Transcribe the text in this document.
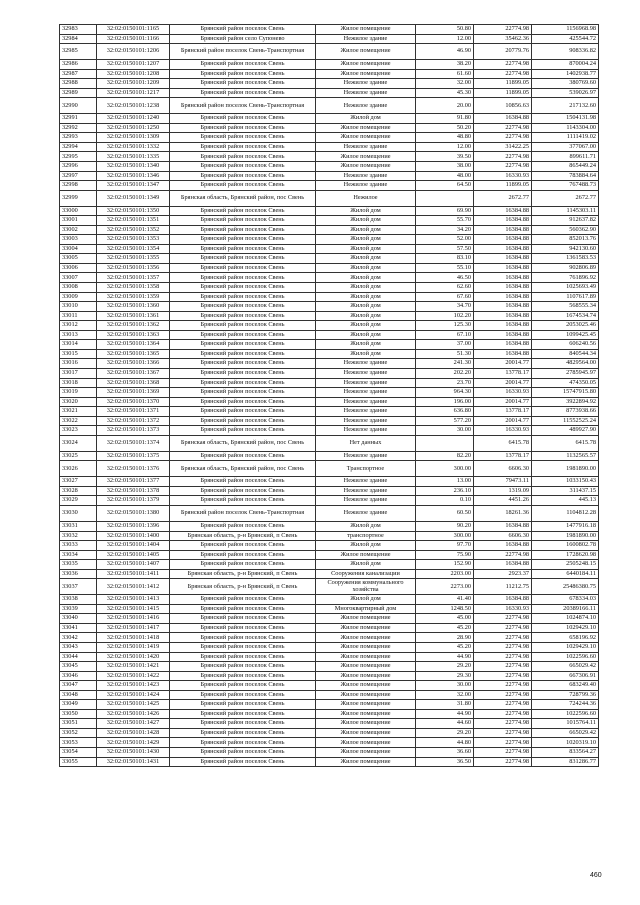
32983	32:02:0150101:1165	Брянский район поселок Свень	Жилое помещение	50.80	22774.98	1156968.98
32984	32:02:0150101:1166	Брянский район село Супонево	Нежилое здание	12.00	35462.36	425544.72
32985	32:02:0150101:1206	Брянский район поселок Свень-Транспортная	Жилое помещение	46.90	20779.76	908336.82
32986	32:02:0150101:1207	Брянский район поселок Свень	Жилое помещение	38.20	22774.98	870004.24
32987	32:02:0150101:1208	Брянский район поселок Свень	Жилое помещение	61.60	22774.98	1402938.77
32988	32:02:0150101:1209	Брянский район поселок Свень	Нежилое здание	32.00	11899.05	380769.60
32989	32:02:0150101:1217	Брянский район поселок Свень	Нежилое здание	45.30	11899.05	539026.97
32990	32:02:0150101:1238	Брянский район поселок Свень-Транспортная	Нежилое здание	20.00	10856.63	217132.60
32991	32:02:0150101:1240	Брянский район поселок Свень	Жилой дом	91.80	16384.88	1504131.98
32992	32:02:0150101:1250	Брянский район поселок Свень	Жилое помещение	50.20	22774.98	1143304.00
32993	32:02:0150101:1309	Брянский район поселок Свень	Жилое помещение	48.80	22774.98	1111419.02
32994	32:02:0150101:1332	Брянский район поселок Свень	Нежилое здание	12.00	31422.25	377067.00
32995	32:02:0150101:1335	Брянский район поселок Свень	Жилое помещение	39.50	22774.98	899611.71
32996	32:02:0150101:1340	Брянский район поселок Свень	Жилое помещение	38.00	22774.98	865449.24
32997	32:02:0150101:1346	Брянский район поселок Свень	Нежилое здание	48.00	16330.93	783884.64
32998	32:02:0150101:1347	Брянский район поселок Свень	Нежилое здание	64.50	11899.05	767488.73
32999	32:02:0150101:1349	Брянская область, Брянский район, пос Свень	Нежилое		2672.77	2672.77
33000	32:02:0150101:1350	Брянский район поселок Свень	Жилой дом	69.90	16384.88	1145303.11
33001	32:02:0150101:1351	Брянский район поселок Свень	Жилой дом	55.70	16384.88	912637.82
33002	32:02:0150101:1352	Брянский район поселок Свень	Жилой дом	34.20	16384.88	560362.90
33003	32:02:0150101:1353	Брянский район поселок Свень	Жилой дом	52.00	16384.88	852013.76
33004	32:02:0150101:1354	Брянский район поселок Свень	Жилой дом	57.50	16384.88	942130.60
33005	32:02:0150101:1355	Брянский район поселок Свень	Жилой дом	83.10	16384.88	1361583.53
33006	32:02:0150101:1356	Брянский район поселок Свень	Жилой дом	55.10	16384.88	902806.89
33007	32:02:0150101:1357	Брянский район поселок Свень	Жилой дом	46.50	16384.88	761896.92
33008	32:02:0150101:1358	Брянский район поселок Свень	Жилой дом	62.60	16384.88	1025693.49
33009	32:02:0150101:1359	Брянский район поселок Свень	Жилой дом	67.60	16384.88	1107617.89
33010	32:02:0150101:1360	Брянский район поселок Свень	Жилой дом	34.70	16384.88	568555.34
33011	32:02:0150101:1361	Брянский район поселок Свень	Жилой дом	102.20	16384.88	1674534.74
33012	32:02:0150101:1362	Брянский район поселок Свень	Жилой дом	125.30	16384.88	2053025.46
33013	32:02:0150101:1363	Брянский район поселок Свень	Жилой дом	67.10	16384.88	1099425.45
33014	32:02:0150101:1364	Брянский район поселок Свень	Жилой дом	37.00	16384.88	606240.56
33015	32:02:0150101:1365	Брянский район поселок Свень	Жилой дом	51.30	16384.88	840544.34
33016	32:02:0150101:1366	Брянский район поселок Свень	Нежилое здание	241.30	20014.77	4829564.00
33017	32:02:0150101:1367	Брянский район поселок Свень	Нежилое здание	202.20	13778.17	2785945.97
33018	32:02:0150101:1368	Брянский район поселок Свень	Нежилое здание	23.70	20014.77	474350.05
33019	32:02:0150101:1369	Брянский район поселок Свень	Нежилое здание	964.30	16330.93	15747915.80
33020	32:02:0150101:1370	Брянский район поселок Свень	Нежилое здание	196.00	20014.77	3922894.92
33021	32:02:0150101:1371	Брянский район поселок Свень	Нежилое здание	636.80	13778.17	8773938.66
33022	32:02:0150101:1372	Брянский район поселок Свень	Нежилое здание	577.20	20014.77	11552525.24
33023	32:02:0150101:1373	Брянский район поселок Свень	Нежилое здание	30.00	16330.93	489927.90
33024	32:02:0150101:1374	Брянская область, Брянский район, пос Свень	Нет данных		6415.78	6415.78
33025	32:02:0150101:1375	Брянский район поселок Свень	Нежилое здание	82.20	13778.17	1132565.57
33026	32:02:0150101:1376	Брянская область, Брянский район, пос Свень	Транспортное	300.00	6606.30	1981890.00
33027	32:02:0150101:1377	Брянский район поселок Свень	Нежилое здание	13.00	79473.11	1033150.43
33028	32:02:0150101:1378	Брянский район поселок Свень	Нежилое здание	236.10	1319.09	311437.15
33029	32:02:0150101:1379	Брянский район поселок Свень	Нежилое здание	0.10	4451.26	445.13
33030	32:02:0150101:1380	Брянский район поселок Свень-Транспортная	Нежилое здание	60.50	18261.36	1104812.28
33031	32:02:0150101:1396	Брянский район поселок Свень	Жилой дом	90.20	16384.88	1477916.18
33032	32:02:0150101:1400	Брянская область, р-н Брянский, п Свень	транспортное	300.00	6606.30	1981890.00
33033	32:02:0150101:1404	Брянский район поселок Свень	Жилой дом	97.70	16384.88	1600802.78
33034	32:02:0150101:1405	Брянский район поселок Свень	Жилое помещение	75.90	22774.98	1728620.98
33035	32:02:0150101:1407	Брянский район поселок Свень	Жилой дом	152.90	16384.88	2505248.15
33036	32:02:0150101:1411	Брянская область, р-н Брянский, п Свень	Сооружения канализации	2203.00	2923.37	6440184.11
33037	32:02:0150101:1412	Брянская область, р-н Брянский, п Свень	Сооружения коммунального хозяйства	2273.00	11212.75	25486380.75
33038	32:02:0150101:1413	Брянский район поселок Свень	Жилой дом	41.40	16384.88	678334.03
33039	32:02:0150101:1415	Брянский район поселок Свень	Многоквартирный дом	1248.50	16330.93	20389166.11
33040	32:02:0150101:1416	Брянский район поселок Свень	Жилое помещение	45.00	22774.98	1024874.10
33041	32:02:0150101:1417	Брянский район поселок Свень	Жилое помещение	45.20	22774.98	1029429.10
33042	32:02:0150101:1418	Брянский район поселок Свень	Жилое помещение	28.90	22774.98	658196.92
33043	32:02:0150101:1419	Брянский район поселок Свень	Жилое помещение	45.20	22774.98	1029429.10
33044	32:02:0150101:1420	Брянский район поселок Свень	Жилое помещение	44.90	22774.98	1022596.60
33045	32:02:0150101:1421	Брянский район поселок Свень	Жилое помещение	29.20	22774.98	665029.42
33046	32:02:0150101:1422	Брянский район поселок Свень	Жилое помещение	29.30	22774.98	667306.91
33047	32:02:0150101:1423	Брянский район поселок Свень	Жилое помещение	30.00	22774.98	683249.40
33048	32:02:0150101:1424	Брянский район поселок Свень	Жилое помещение	32.00	22774.98	728799.36
33049	32:02:0150101:1425	Брянский район поселок Свень	Жилое помещение	31.80	22774.98	724244.36
33050	32:02:0150101:1426	Брянский район поселок Свень	Жилое помещение	44.90	22774.98	1022596.60
33051	32:02:0150101:1427	Брянский район поселок Свень	Жилое помещение	44.60	22774.98	1015764.11
33052	32:02:0150101:1428	Брянский район поселок Свень	Жилое помещение	29.20	22774.98	665029.42
33053	32:02:0150101:1429	Брянский район поселок Свень	Жилое помещение	44.80	22774.98	1020319.10
33054	32:02:0150101:1430	Брянский район поселок Свень	Жилое помещение	36.60	22774.98	833564.27
33055	32:02:0150101:1431	Брянский район поселок Свень	Жилое помещение	36.50	22774.98	831286.77
460
